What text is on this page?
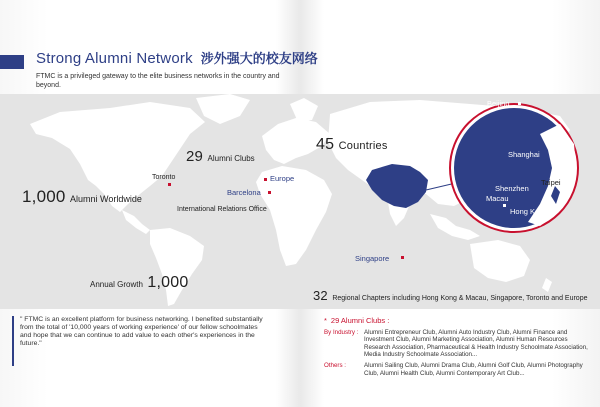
Strong Alumni Network 涉外强大的校友网络
FTMC is a privileged gateway to the elite business networks in the country and beyond.
Beijing
Shanghai
Taipei
Shenzhen
Macau
Hong Kong
29 Alumni Clubs
45 Countries
1,000 Alumni Worldwide
Annual Growth 1,000
32 Regional Chapters including Hong Kong & Macau, Singapore, Toronto and Europe
Toronto	Europe
Barcelona
International Relations Office
Singapore
" FTMC is an excellent platform for business networking. I benefited substantially from the total of '10,000 years of working experience' of our fellow schoolmates and hope that we can continue to add value to each other's experiences in the future."
* 29 Alumni Clubs :
By Industry : Alumni Entrepreneur Club, Alumni Auto Industry Club, Alumni Finance and Investment Club, Alumni Marketing Association, Alumni Human Resources Research Association, Pharmaceutical & Health Industry Schoolmate Association, Media Industry Schoolmate Association...
Others :	Alumni Sailing Club, Alumni Drama Club, Alumni Golf Club, Alumni Photography Club, Alumni Health Club, Alumni Contemporary Art Club...
